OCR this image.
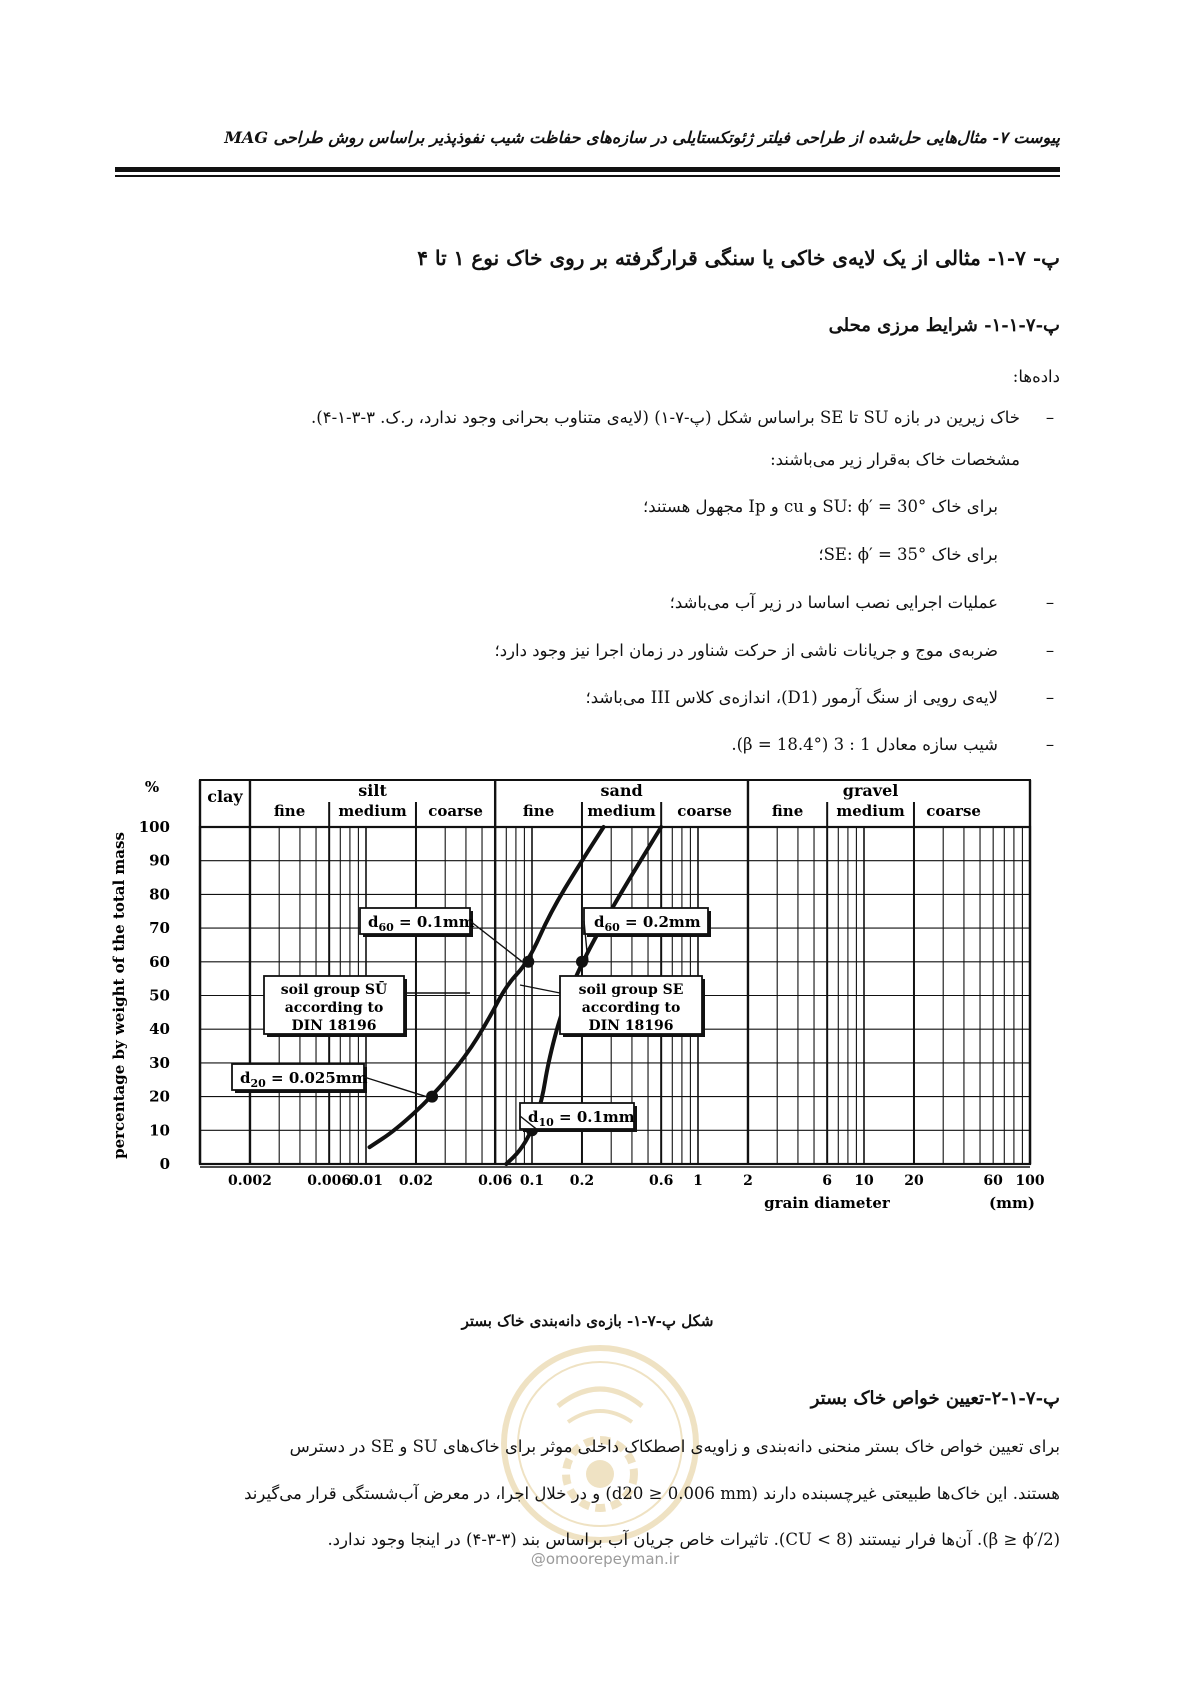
پیوست ۷- مثال‌هایی حل‌شده از طراحی فیلتر ژئوتکستایلی در سازه‌های حفاظت شیب نفوذپذیر براساس روش طراحی MAG
پ- ۷-۱- مثالی از یک لایه‌ی خاکی یا سنگی قرارگرفته بر روی خاک نوع ۱ تا ۴
پ-۷-۱-۱- شرایط مرزی محلی
داده‌ها:
–
خاک زیرین در بازه SU تا SE براساس شکل (پ-۷-۱) (لایه‌ی متناوب بحرانی وجود ندارد، ر.ک. ۳-۳-۱-۴).
مشخصات خاک به‌قرار زیر می‌باشند:
برای خاک SU: ϕ′ = 30° و cu و Ip مجهول هستند؛
برای خاک SE: ϕ′ = 35°؛
–
عملیات اجرایی نصب اساسا در زیر آب می‌باشد؛
–
ضربه‌ی موج و جریانات ناشی از حرکت شناور در زمان اجرا نیز وجود دارد؛
–
لایه‌ی رویی از سنگ آرمور (D1)، اندازه‌ی کلاس III می‌باشد؛
–
شیب سازه معادل 1 : 3 (β = 18.4°).
clay	silt
fine medium coarse
sand
fine medium coarse
gravel
fine medium coarse
0
10
20
30
40
50
60
70
80
90
100
%
percentage by weight of the total mass
0.002	0.006
0.01 0.02	0.06 0.1 0.2	0.6 1	2	6 10 20	60 100
grain diameter	(mm)
$d_{60} = 0.1mm$	$d_{60} = 0.2mm$
soil group SŪ
according to
DIN 18196
soil group SE
according to
DIN 18196
$d_{20} = 0.025mm$
$d_{10} = 0.1mm$
شکل پ-۷-۱- بازه‌ی دانه‌بندی خاک بستر
@omoorepeyman.ir
پ-۷-۱-۲-تعیین خواص خاک بستر
برای تعیین خواص خاک بستر منحنی دانه‌بندی و زاویه‌ی اصطکاک داخلی موثر برای خاک‌های SU و SE در دسترس
هستند. این خاک‌ها طبیعتی غیرچسبنده دارند (d20 ≥ 0.006 mm) و در خلال اجرا، در معرض آب‌شستگی قرار می‌گیرند
(β ≥ ϕ′/2). آن‌ها فرار نیستند (CU < 8). تاثیرات خاص جریان آب براساس بند (۳-۳-۴) در اینجا وجود ندارد.
